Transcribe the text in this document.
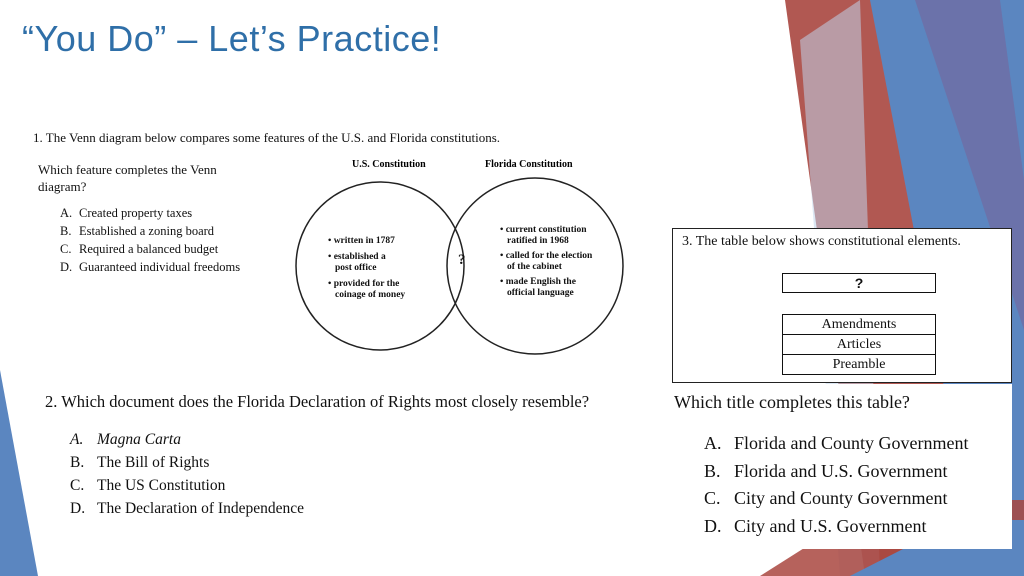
“You Do” – Let’s Practice!
1. The Venn diagram below compares some features of the U.S. and Florida constitutions.
Which feature completes the Venn diagram?
A. Created property taxes
B. Established a zoning board
C. Required a balanced budget
D. Guaranteed individual freedoms
U.S. Constitution	Florida Constitution
• written in 1787
• established a
post office
• provided for the
coinage of money
?
• current constitution
ratified in 1968
• called for the election
of the cabinet
• made English the
official language
2. Which document does the Florida Declaration of Rights most closely resemble?
A. Magna Carta
B. The Bill of Rights
C. The US Constitution
D. The Declaration of Independence
3. The table below shows constitutional elements.
?
Amendments
Articles
Preamble
Which title completes this table?
A. Florida and County Government
B. Florida and U.S. Government
C. City and County Government
D. City and U.S. Government
